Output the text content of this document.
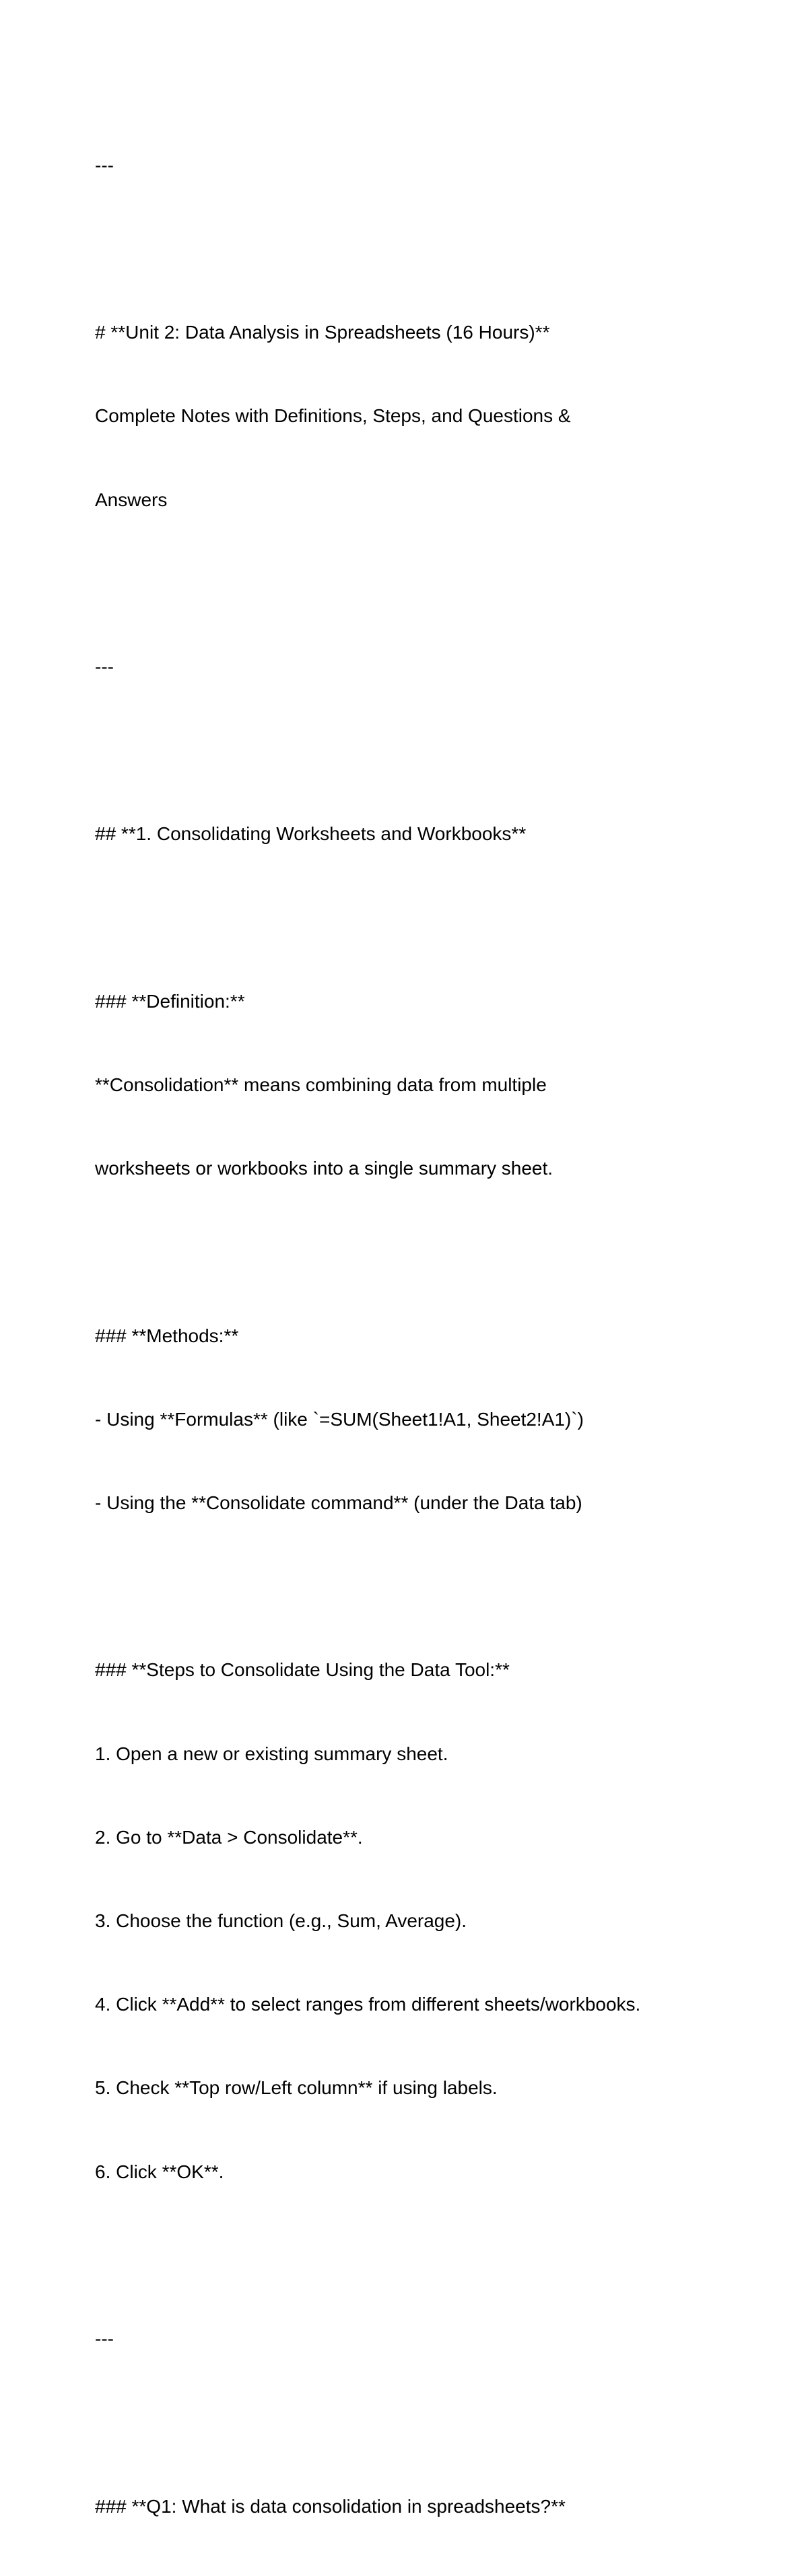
---

# **Unit 2: Data Analysis in Spreadsheets (16 Hours)**

Complete Notes with Definitions, Steps, and Questions &

Answers

---

## **1. Consolidating Worksheets and Workbooks**

### **Definition:**

**Consolidation** means combining data from multiple

worksheets or workbooks into a single summary sheet.

### **Methods:**

- Using **Formulas** (like `=SUM(Sheet1!A1, Sheet2!A1)`)

- Using the **Consolidate command** (under the Data tab)

### **Steps to Consolidate Using the Data Tool:**

1. Open a new or existing summary sheet.

2. Go to **Data > Consolidate**.

3. Choose the function (e.g., Sum, Average).

4. Click **Add** to select ranges from different sheets/workbooks.

5. Check **Top row/Left column** if using labels.

6. Click **OK**.

---

### **Q1: What is data consolidation in spreadsheets?**
